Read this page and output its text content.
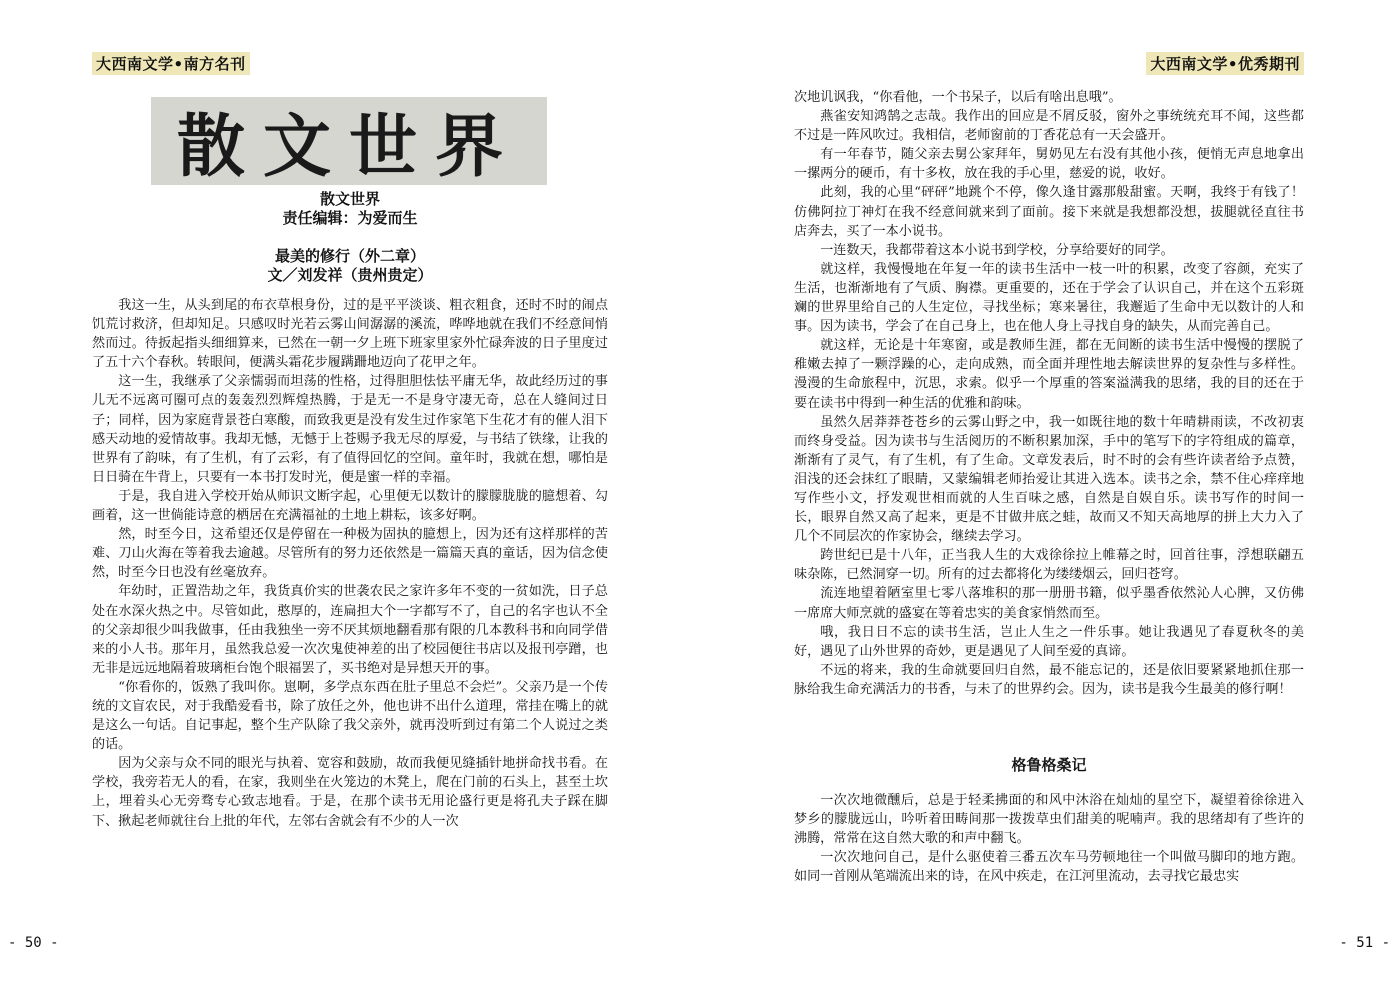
大西南文学•南方名刊
散文世界
散文世界
责任编辑：为爱而生
最美的修行（外二章）
文／刘发祥（贵州贵定）

我这一生，从头到尾的布衣草根身份，过的是平平淡谈、粗衣粗食，还时不时的闹点饥荒讨救济，但却知足。只感叹时光若云雾山间潺潺的溪流，哗哗地就在我们不经意间悄然而过。待扳起指头细细算来，已然在一朝一夕上班下班家里家外忙碌奔波的日子里度过了五十六个春秋。转眼间，便满头霜花步履蹒跚地迈向了花甲之年。

这一生，我继承了父亲懦弱而坦荡的性格，过得胆胆怯怯平庸无华，故此经历过的事儿无不远离可圈可点的轰轰烈烈辉煌热腾，于是无一不是身守凄无奇，总在人缝间过日子；同样，因为家庭背景苍白寒酸，而致我更是没有发生过作家笔下生花才有的催人泪下感天动地的爱情故事。我却无憾，无憾于上苍赐予我无尽的厚爱，与书结了铁缘，让我的世界有了韵味，有了生机，有了云彩，有了值得回忆的空间。童年时，我就在想，哪怕是日日骑在牛背上，只要有一本书打发时光，便是蜜一样的幸福。

于是，我自进入学校开始从师识文断字起，心里便无以数计的朦朦胧胧的臆想着、勾画着，这一世倘能诗意的栖居在充满福祉的土地上耕耘，该多好啊。

然，时至今日，这希望还仅是停留在一种极为固执的臆想上，因为还有这样那样的苦难、刀山火海在等着我去逾越。尽管所有的努力还依然是一篇篇天真的童话，因为信念使然，时至今日也没有丝毫放弃。

年幼时，正置浩劫之年，我货真价实的世袭农民之家许多年不变的一贫如洗，日子总处在水深火热之中。尽管如此，憨厚的，连扁担大个一字都写不了，自己的名字也认不全的父亲却很少叫我做事，任由我独坐一旁不厌其烦地翻看那有限的几本教科书和向同学借来的小人书。那年月，虽然我总爱一次次鬼使神差的出了校园便往书店以及报刊亭蹭，也无非是远远地隔着玻璃柜台饱个眼福罢了，买书绝对是异想天开的事。

“你看你的，饭熟了我叫你。崽啊，多学点东西在肚子里总不会烂”。父亲乃是一个传统的文盲农民，对于我酷爱看书，除了放任之外，他也讲不出什么道理，常挂在嘴上的就是这么一句话。自记事起，整个生产队除了我父亲外，就再没听到过有第二个人说过之类的话。

因为父亲与众不同的眼光与执着、宽容和鼓励，故而我便见缝插针地拼命找书看。在学校，我旁若无人的看，在家，我则坐在火笼边的木凳上，爬在门前的石头上，甚至土坎上，埋着头心无旁骛专心致志地看。于是，在那个读书无用论盛行更是将孔夫子踩在脚下、揪起老师就往台上批的年代，左邻右舍就会有不少的人一次

- 50 -
大西南文学•优秀期刊

次地讥讽我，“你看他，一个书呆子，以后有啥出息哦”。

燕雀安知鸿鹄之志哉。我作出的回应是不屑反驳，窗外之事统统充耳不闻，这些都不过是一阵风吹过。我相信，老师窗前的丁香花总有一天会盛开。

有一年春节，随父亲去舅公家拜年，舅奶见左右没有其他小孩，便悄无声息地拿出一摞两分的硬币，有十多枚，放在我的手心里，慈爱的说，收好。

此刻，我的心里“砰砰”地跳个不停，像久逢甘露那般甜蜜。天啊，我终于有钱了！仿佛阿拉丁神灯在我不经意间就来到了面前。接下来就是我想都没想，拔腿就径直往书店奔去，买了一本小说书。

一连数天，我都带着这本小说书到学校，分享给要好的同学。

就这样，我慢慢地在年复一年的读书生活中一枝一叶的积累，改变了容颜，充实了生活，也渐渐地有了气质、胸襟。更重要的，还在于学会了认识自己，并在这个五彩斑斓的世界里给自己的人生定位，寻找坐标；寒来暑往，我邂逅了生命中无以数计的人和事。因为读书，学会了在自己身上，也在他人身上寻找自身的缺失，从而完善自己。

就这样，无论是十年寒窗，或是教师生涯，都在无间断的读书生活中慢慢的摆脱了稚嫩去掉了一颗浮躁的心，走向成熟，而全面并理性地去解读世界的复杂性与多样性。漫漫的生命旅程中，沉思，求索。似乎一个厚重的答案溢满我的思绪，我的目的还在于要在读书中得到一种生活的优雅和韵味。

虽然久居莽莽苍苍乡的云雾山野之中，我一如既往地的数十年晴耕雨读，不改初衷而终身受益。因为读书与生活阅历的不断积累加深，手中的笔写下的字符组成的篇章，渐渐有了灵气，有了生机，有了生命。文章发表后，时不时的会有些许读者给予点赞，泪浅的还会抹红了眼睛，又蒙编辑老师抬爱让其进入选本。读书之余，禁不住心痒痒地写作些小文，抒发观世相而就的人生百味之感，自然是自娱自乐。读书写作的时间一长，眼界自然又高了起来，更是不甘做井底之蛙，故而又不知天高地厚的拼上大力入了几个不同层次的作家协会，继续去学习。

跨世纪已是十八年，正当我人生的大戏徐徐拉上帷幕之时，回首往事，浮想联翩五味杂陈，已然洞穿一切。所有的过去都将化为缕缕烟云，回归苍穹。

流连地望着陋室里七零八落堆积的那一册册书籍，似乎墨香依然沁人心脾，又仿佛一席席大师烹就的盛宴在等着忠实的美食家悄然而至。

哦，我日日不忘的读书生活，岂止人生之一件乐事。她让我遇见了春夏秋冬的美好，遇见了山外世界的奇妙，更是遇见了人间至爱的真谛。

不远的将来，我的生命就要回归自然，最不能忘记的，还是依旧要紧紧地抓住那一脉给我生命充满活力的书香，与未了的世界约会。因为，读书是我今生最美的修行啊！

格鲁格桑记

一次次地微醺后，总是于轻柔拂面的和风中沐浴在灿灿的星空下，凝望着徐徐进入梦乡的朦胧远山，吟听着田畴间那一拨拨草虫们甜美的呢喃声。我的思绪却有了些许的沸腾，常常在这自然大歌的和声中翻飞。

一次次地问自己，是什么驱使着三番五次车马劳顿地往一个叫做马脚印的地方跑。如同一首刚从笔端流出来的诗，在风中疾走，在江河里流动，去寻找它最忠实

- 51 -
